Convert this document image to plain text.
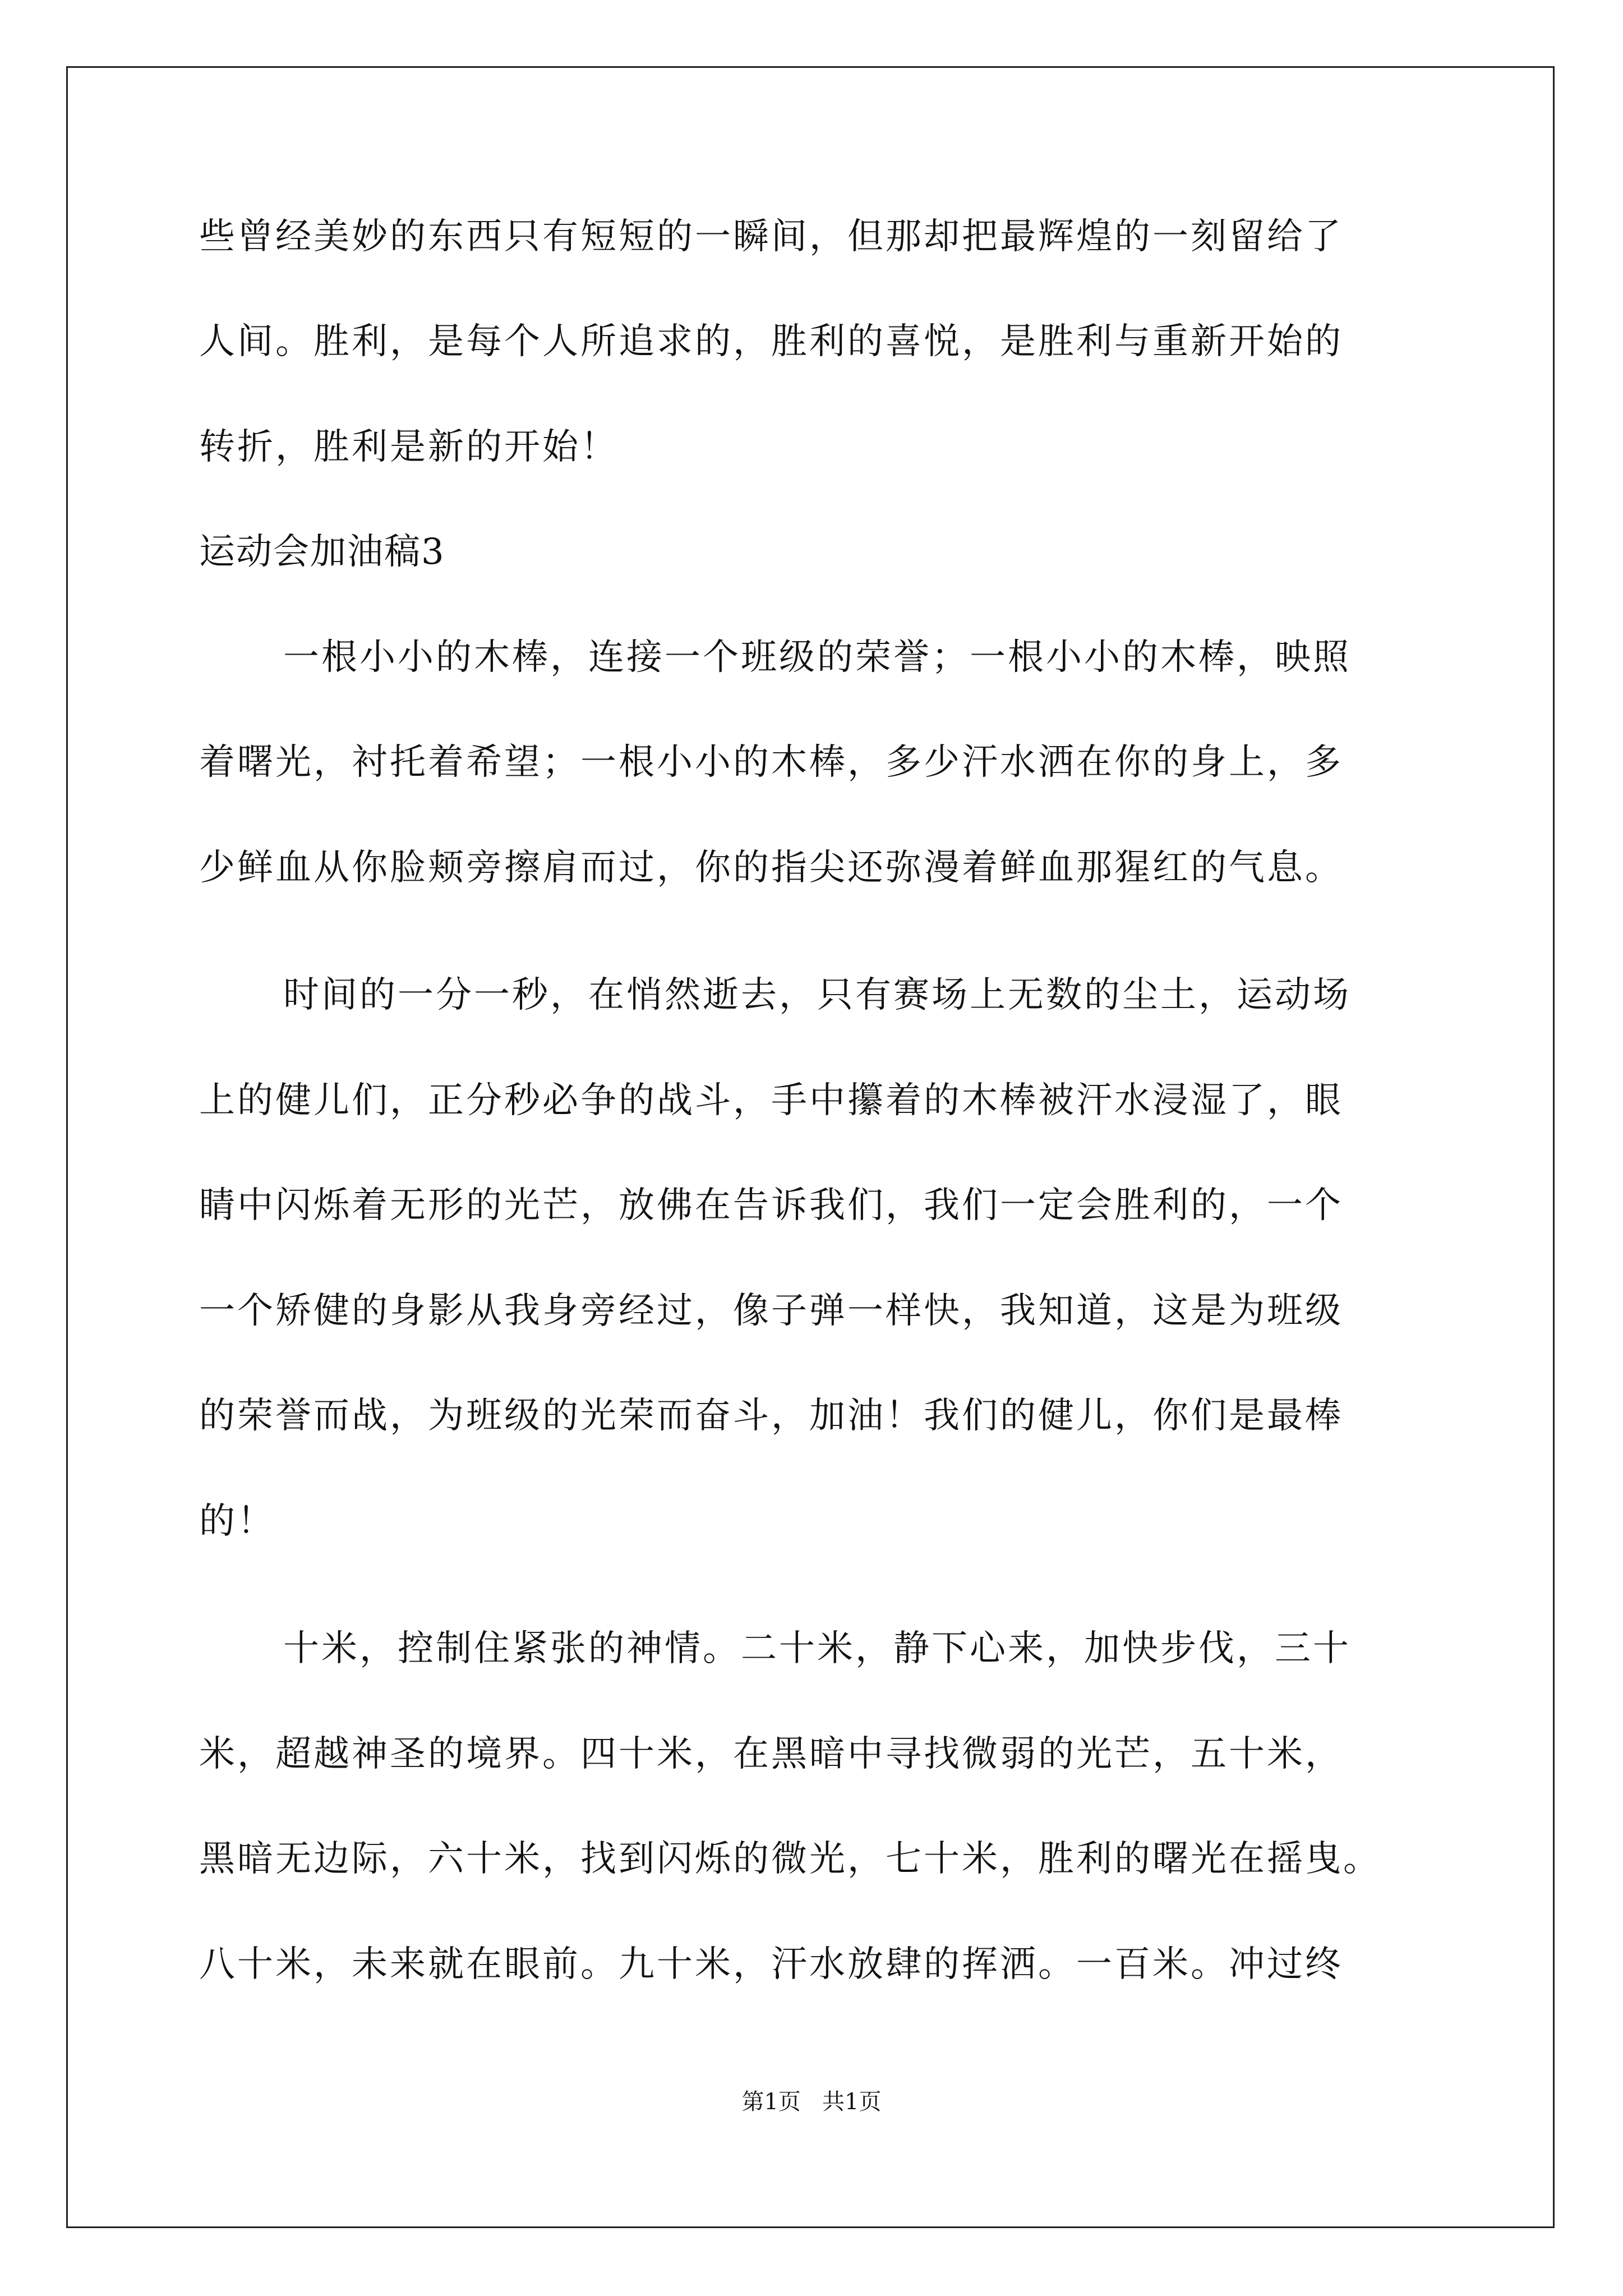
些曾经美妙的东西只有短短的一瞬间，但那却把最辉煌的一刻留给了
人间。胜利，是每个人所追求的，胜利的喜悦，是胜利与重新开始的
转折，胜利是新的开始！
运动会加油稿3
一根小小的木棒，连接一个班级的荣誉；一根小小的木棒，映照
着曙光，衬托着希望；一根小小的木棒，多少汗水洒在你的身上，多
少鲜血从你脸颊旁擦肩而过，你的指尖还弥漫着鲜血那猩红的气息。
时间的一分一秒，在悄然逝去，只有赛场上无数的尘土，运动场
上的健儿们，正分秒必争的战斗，手中攥着的木棒被汗水浸湿了，眼
睛中闪烁着无形的光芒，放佛在告诉我们，我们一定会胜利的，一个
一个矫健的身影从我身旁经过，像子弹一样快，我知道，这是为班级
的荣誉而战，为班级的光荣而奋斗，加油！我们的健儿，你们是最棒
的！
十米，控制住紧张的神情。二十米，静下心来，加快步伐，三十
米，超越神圣的境界。四十米，在黑暗中寻找微弱的光芒，五十米，
黑暗无边际，六十米，找到闪烁的微光，七十米，胜利的曙光在摇曳。
八十米，未来就在眼前。九十米，汗水放肆的挥洒。一百米。冲过终
第1页   共1页
